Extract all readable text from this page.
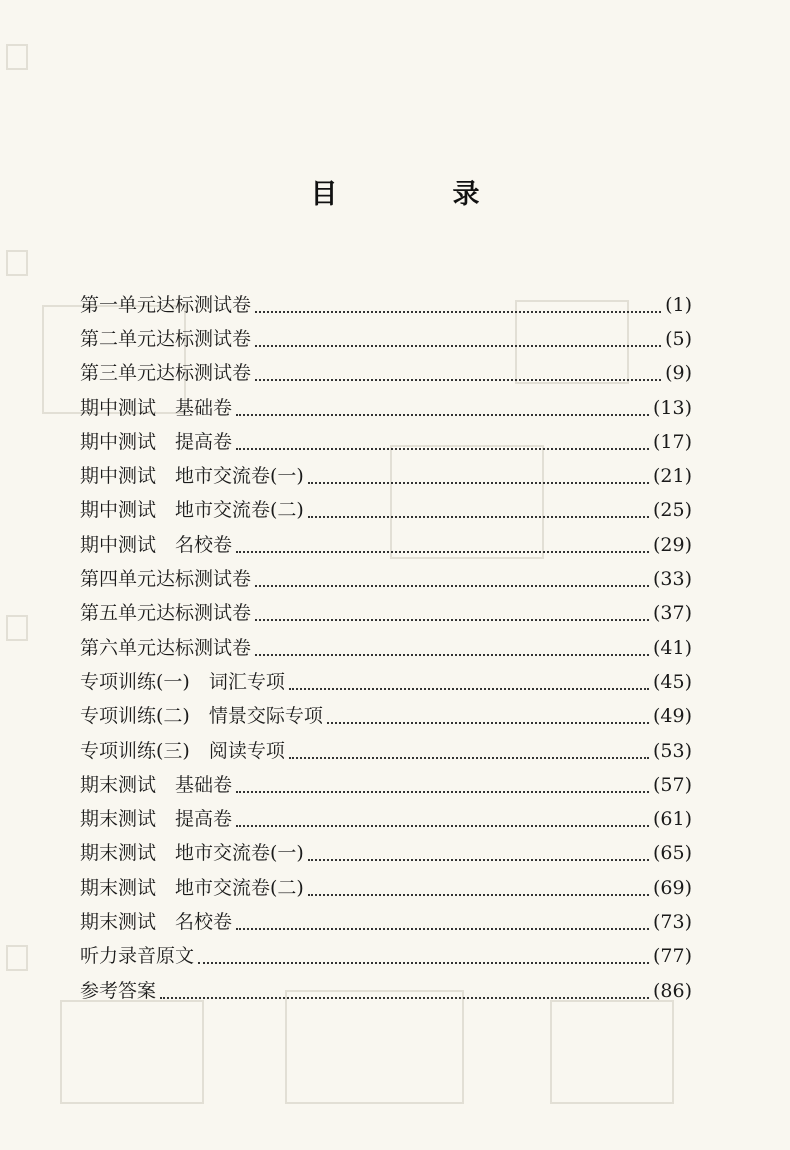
目　录
第一单元达标测试卷	(1)
第二单元达标测试卷	(5)
第三单元达标测试卷	(9)
期中测试　基础卷	(13)
期中测试　提高卷	(17)
期中测试　地市交流卷(一)	(21)
期中测试　地市交流卷(二)	(25)
期中测试　名校卷	(29)
第四单元达标测试卷	(33)
第五单元达标测试卷	(37)
第六单元达标测试卷	(41)
专项训练(一)　词汇专项	(45)
专项训练(二)　情景交际专项	(49)
专项训练(三)　阅读专项	(53)
期末测试　基础卷	(57)
期末测试　提高卷	(61)
期末测试　地市交流卷(一)	(65)
期末测试　地市交流卷(二)	(69)
期末测试　名校卷	(73)
听力录音原文	(77)
参考答案	(86)
